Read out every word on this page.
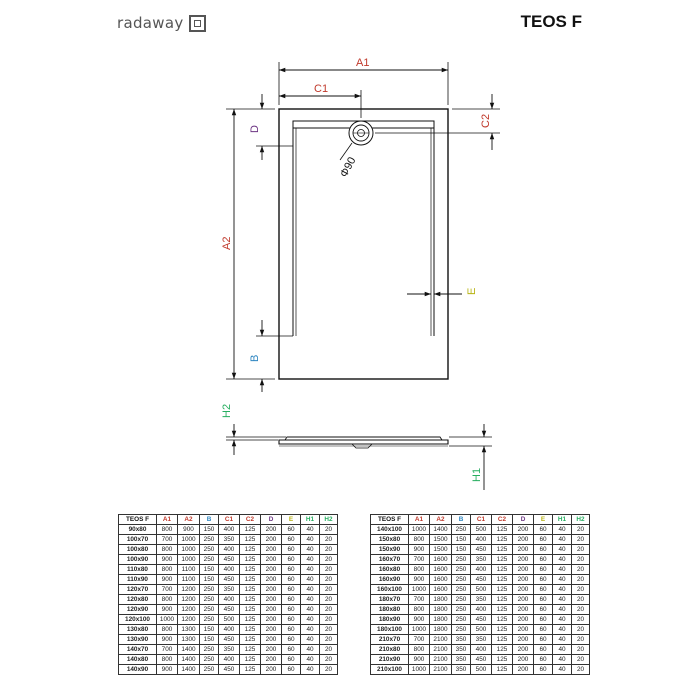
radaway	TEOS F
Φ90
A1
C1
C2
D
A2
B
E
H2
H1
TEOS F	A1	A2	B	C1	C2	D	E	H1	H2
90x80	800	900	150	400	125	200	60	40	20
100x70	700	1000	250	350	125	200	60	40	20
100x80	800	1000	250	400	125	200	60	40	20
100x90	900	1000	250	450	125	200	60	40	20
110x80	800	1100	150	400	125	200	60	40	20
110x90	900	1100	150	450	125	200	60	40	20
120x70	700	1200	250	350	125	200	60	40	20
120x80	800	1200	250	400	125	200	60	40	20
120x90	900	1200	250	450	125	200	60	40	20
120x100	1000	1200	250	500	125	200	60	40	20
130x80	800	1300	150	400	125	200	60	40	20
130x90	900	1300	150	450	125	200	60	40	20
140x70	700	1400	250	350	125	200	60	40	20
140x80	800	1400	250	400	125	200	60	40	20
140x90	900	1400	250	450	125	200	60	40	20
TEOS F	A1	A2	B	C1	C2	D	E	H1	H2
140x100	1000	1400	250	500	125	200	60	40	20
150x80	800	1500	150	400	125	200	60	40	20
150x90	900	1500	150	450	125	200	60	40	20
160x70	700	1600	250	350	125	200	60	40	20
160x80	800	1600	250	400	125	200	60	40	20
160x90	900	1600	250	450	125	200	60	40	20
160x100	1000	1600	250	500	125	200	60	40	20
180x70	700	1800	250	350	125	200	60	40	20
180x80	800	1800	250	400	125	200	60	40	20
180x90	900	1800	250	450	125	200	60	40	20
180x100	1000	1800	250	500	125	200	60	40	20
210x70	700	2100	350	350	125	200	60	40	20
210x80	800	2100	350	400	125	200	60	40	20
210x90	900	2100	350	450	125	200	60	40	20
210x100	1000	2100	350	500	125	200	60	40	20
